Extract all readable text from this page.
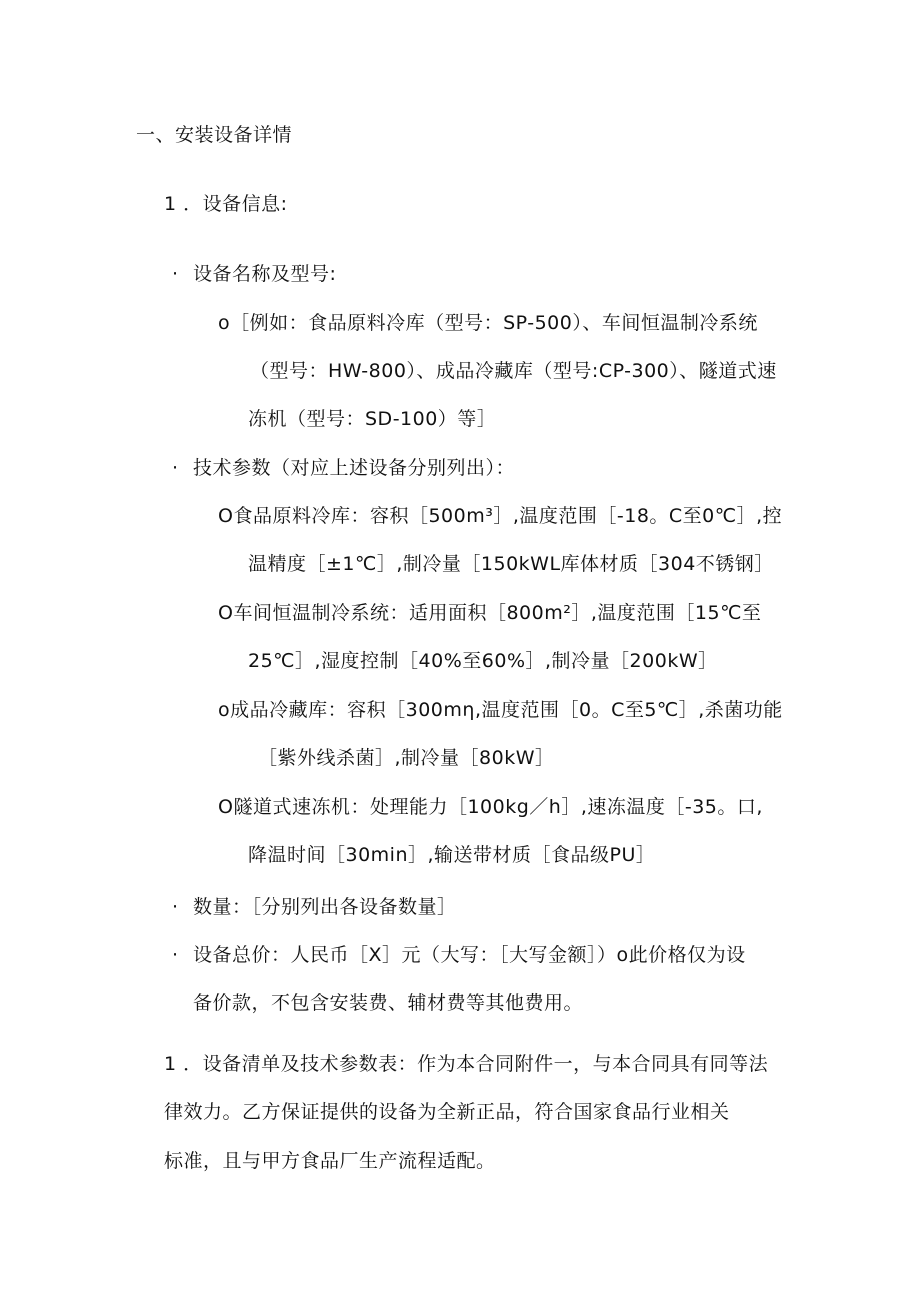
一、安装设备详情
1 ．设备信息:
· 设备名称及型号:
o［例如：食品原料冷库（型号：SP-500）、车间恒温制冷系统
（型号：HW-800）、成品冷藏库（型号:CP-300）、隧道式速
冻机（型号：SD-100）等］
· 技术参数（对应上述设备分别列出）：
O食品原料冷库：容积［500m³］,温度范围［-18。C至0℃］,控
温精度［±1℃］,制冷量［150kWL库体材质［304不锈钢］
O车间恒温制冷系统：适用面积［800m²］,温度范围［15℃至
25℃］,湿度控制［40%至60%］,制冷量［200kW］
o成品冷藏库：容积［300mη,温度范围［0。C至5℃］,杀菌功能
［紫外线杀菌］,制冷量［80kW］
O隧道式速冻机：处理能力［100kg／h］,速冻温度［-35。口,
降温时间［30min］,输送带材质［食品级PU］
· 数量：［分别列出各设备数量］
· 设备总价：人民币［X］元（大写：［大写金额］）o此价格仅为设
备价款，不包含安装费、辅材费等其他费用。
1 ．设备清单及技术参数表：作为本合同附件一，与本合同具有同等法
律效力。乙方保证提供的设备为全新正品，符合国家食品行业相关
标准，且与甲方食品厂生产流程适配。
